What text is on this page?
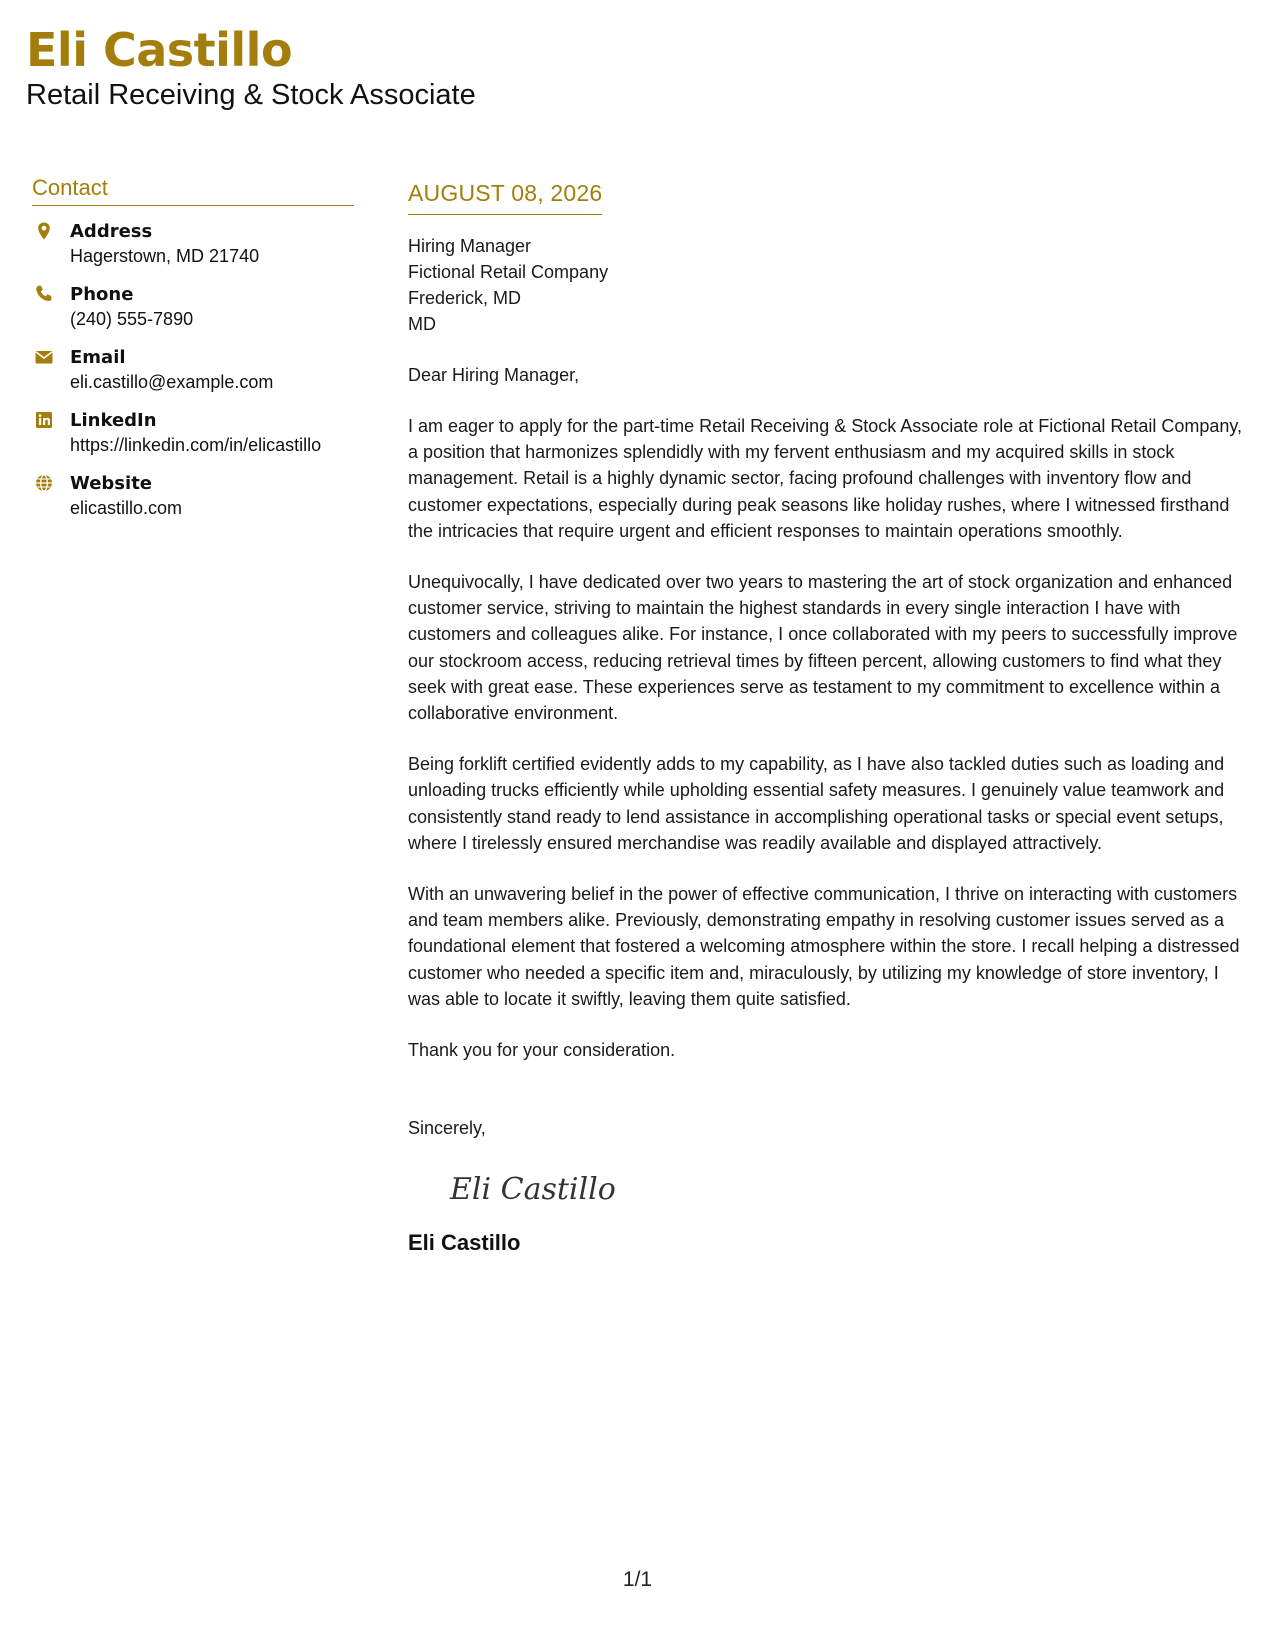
Eli Castillo
Retail Receiving & Stock Associate
Contact
Address
Hagerstown, MD 21740
Phone
(240) 555-7890
Email
eli.castillo@example.com
LinkedIn
https://linkedin.com/in/elicastillo
Website
elicastillo.com
AUGUST 08, 2026
Hiring Manager
Fictional Retail Company
Frederick, MD
MD
Dear Hiring Manager,
I am eager to apply for the part-time Retail Receiving & Stock Associate role at Fictional Retail Company, a position that harmonizes splendidly with my fervent enthusiasm and my acquired skills in stock management. Retail is a highly dynamic sector, facing profound challenges with inventory flow and customer expectations, especially during peak seasons like holiday rushes, where I witnessed firsthand the intricacies that require urgent and efficient responses to maintain operations smoothly.
Unequivocally, I have dedicated over two years to mastering the art of stock organization and enhanced customer service, striving to maintain the highest standards in every single interaction I have with customers and colleagues alike. For instance, I once collaborated with my peers to successfully improve our stockroom access, reducing retrieval times by fifteen percent, allowing customers to find what they seek with great ease. These experiences serve as testament to my commitment to excellence within a collaborative environment.
Being forklift certified evidently adds to my capability, as I have also tackled duties such as loading and unloading trucks efficiently while upholding essential safety measures. I genuinely value teamwork and consistently stand ready to lend assistance in accomplishing operational tasks or special event setups, where I tirelessly ensured merchandise was readily available and displayed attractively.
With an unwavering belief in the power of effective communication, I thrive on interacting with customers and team members alike. Previously, demonstrating empathy in resolving customer issues served as a foundational element that fostered a welcoming atmosphere within the store. I recall helping a distressed customer who needed a specific item and, miraculously, by utilizing my knowledge of store inventory, I was able to locate it swiftly, leaving them quite satisfied.
Thank you for your consideration.
Sincerely,
Eli Castillo
Eli Castillo
1/1
